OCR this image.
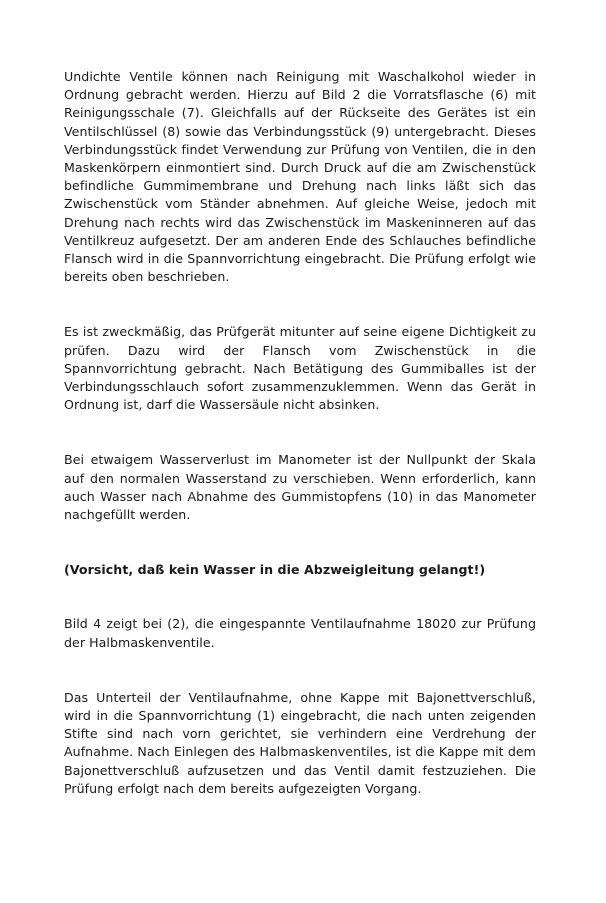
Undichte Ventile können nach Reinigung mit Waschalkohol wieder in Ordnung gebracht werden. Hierzu auf Bild 2 die Vorratsflasche (6) mit Reinigungsschale (7). Gleichfalls auf der Rückseite des Gerätes ist ein Ventilschlüssel (8) sowie das Verbindungsstück (9) untergebracht. Dieses Verbindungsstück findet Verwendung zur Prüfung von Ventilen, die in den Maskenkörpern einmontiert sind. Durch Druck auf die am Zwischenstück befindliche Gummimembrane und Drehung nach links läßt sich das Zwischenstück vom Ständer abnehmen. Auf gleiche Weise, jedoch mit Drehung nach rechts wird das Zwischenstück im Maskeninneren auf das Ventilkreuz aufgesetzt. Der am anderen Ende des Schlauches befindliche Flansch wird in die Spannvorrichtung eingebracht. Die Prüfung erfolgt wie bereits oben beschrieben.

Es ist zweckmäßig, das Prüfgerät mitunter auf seine eigene Dichtigkeit zu prüfen. Dazu wird der Flansch vom Zwischenstück in die Spannvorrichtung gebracht. Nach Betätigung des Gummiballes ist der Verbindungsschlauch sofort zusammenzuklemmen. Wenn das Gerät in Ordnung ist, darf die Wassersäule nicht absinken.

Bei etwaigem Wasserverlust im Manometer ist der Nullpunkt der Skala auf den normalen Wasserstand zu verschieben. Wenn erforderlich, kann auch Wasser nach Abnahme des Gummistopfens (10) in das Manometer nachgefüllt werden.

(Vorsicht, daß kein Wasser in die Abzweigleitung gelangt!)

Bild 4 zeigt bei (2), die eingespannte Ventilaufnahme 18020 zur Prüfung der Halbmaskenventile.

Das Unterteil der Ventilaufnahme, ohne Kappe mit Bajonettverschluß, wird in die Spannvorrichtung (1) eingebracht, die nach unten zeigenden Stifte sind nach vorn gerichtet, sie verhindern eine Verdrehung der Aufnahme. Nach Einlegen des Halbmaskenventiles, ist die Kappe mit dem Bajonettverschluß aufzusetzen und das Ventil damit festzuziehen. Die Prüfung erfolgt nach dem bereits aufgezeigten Vorgang.
